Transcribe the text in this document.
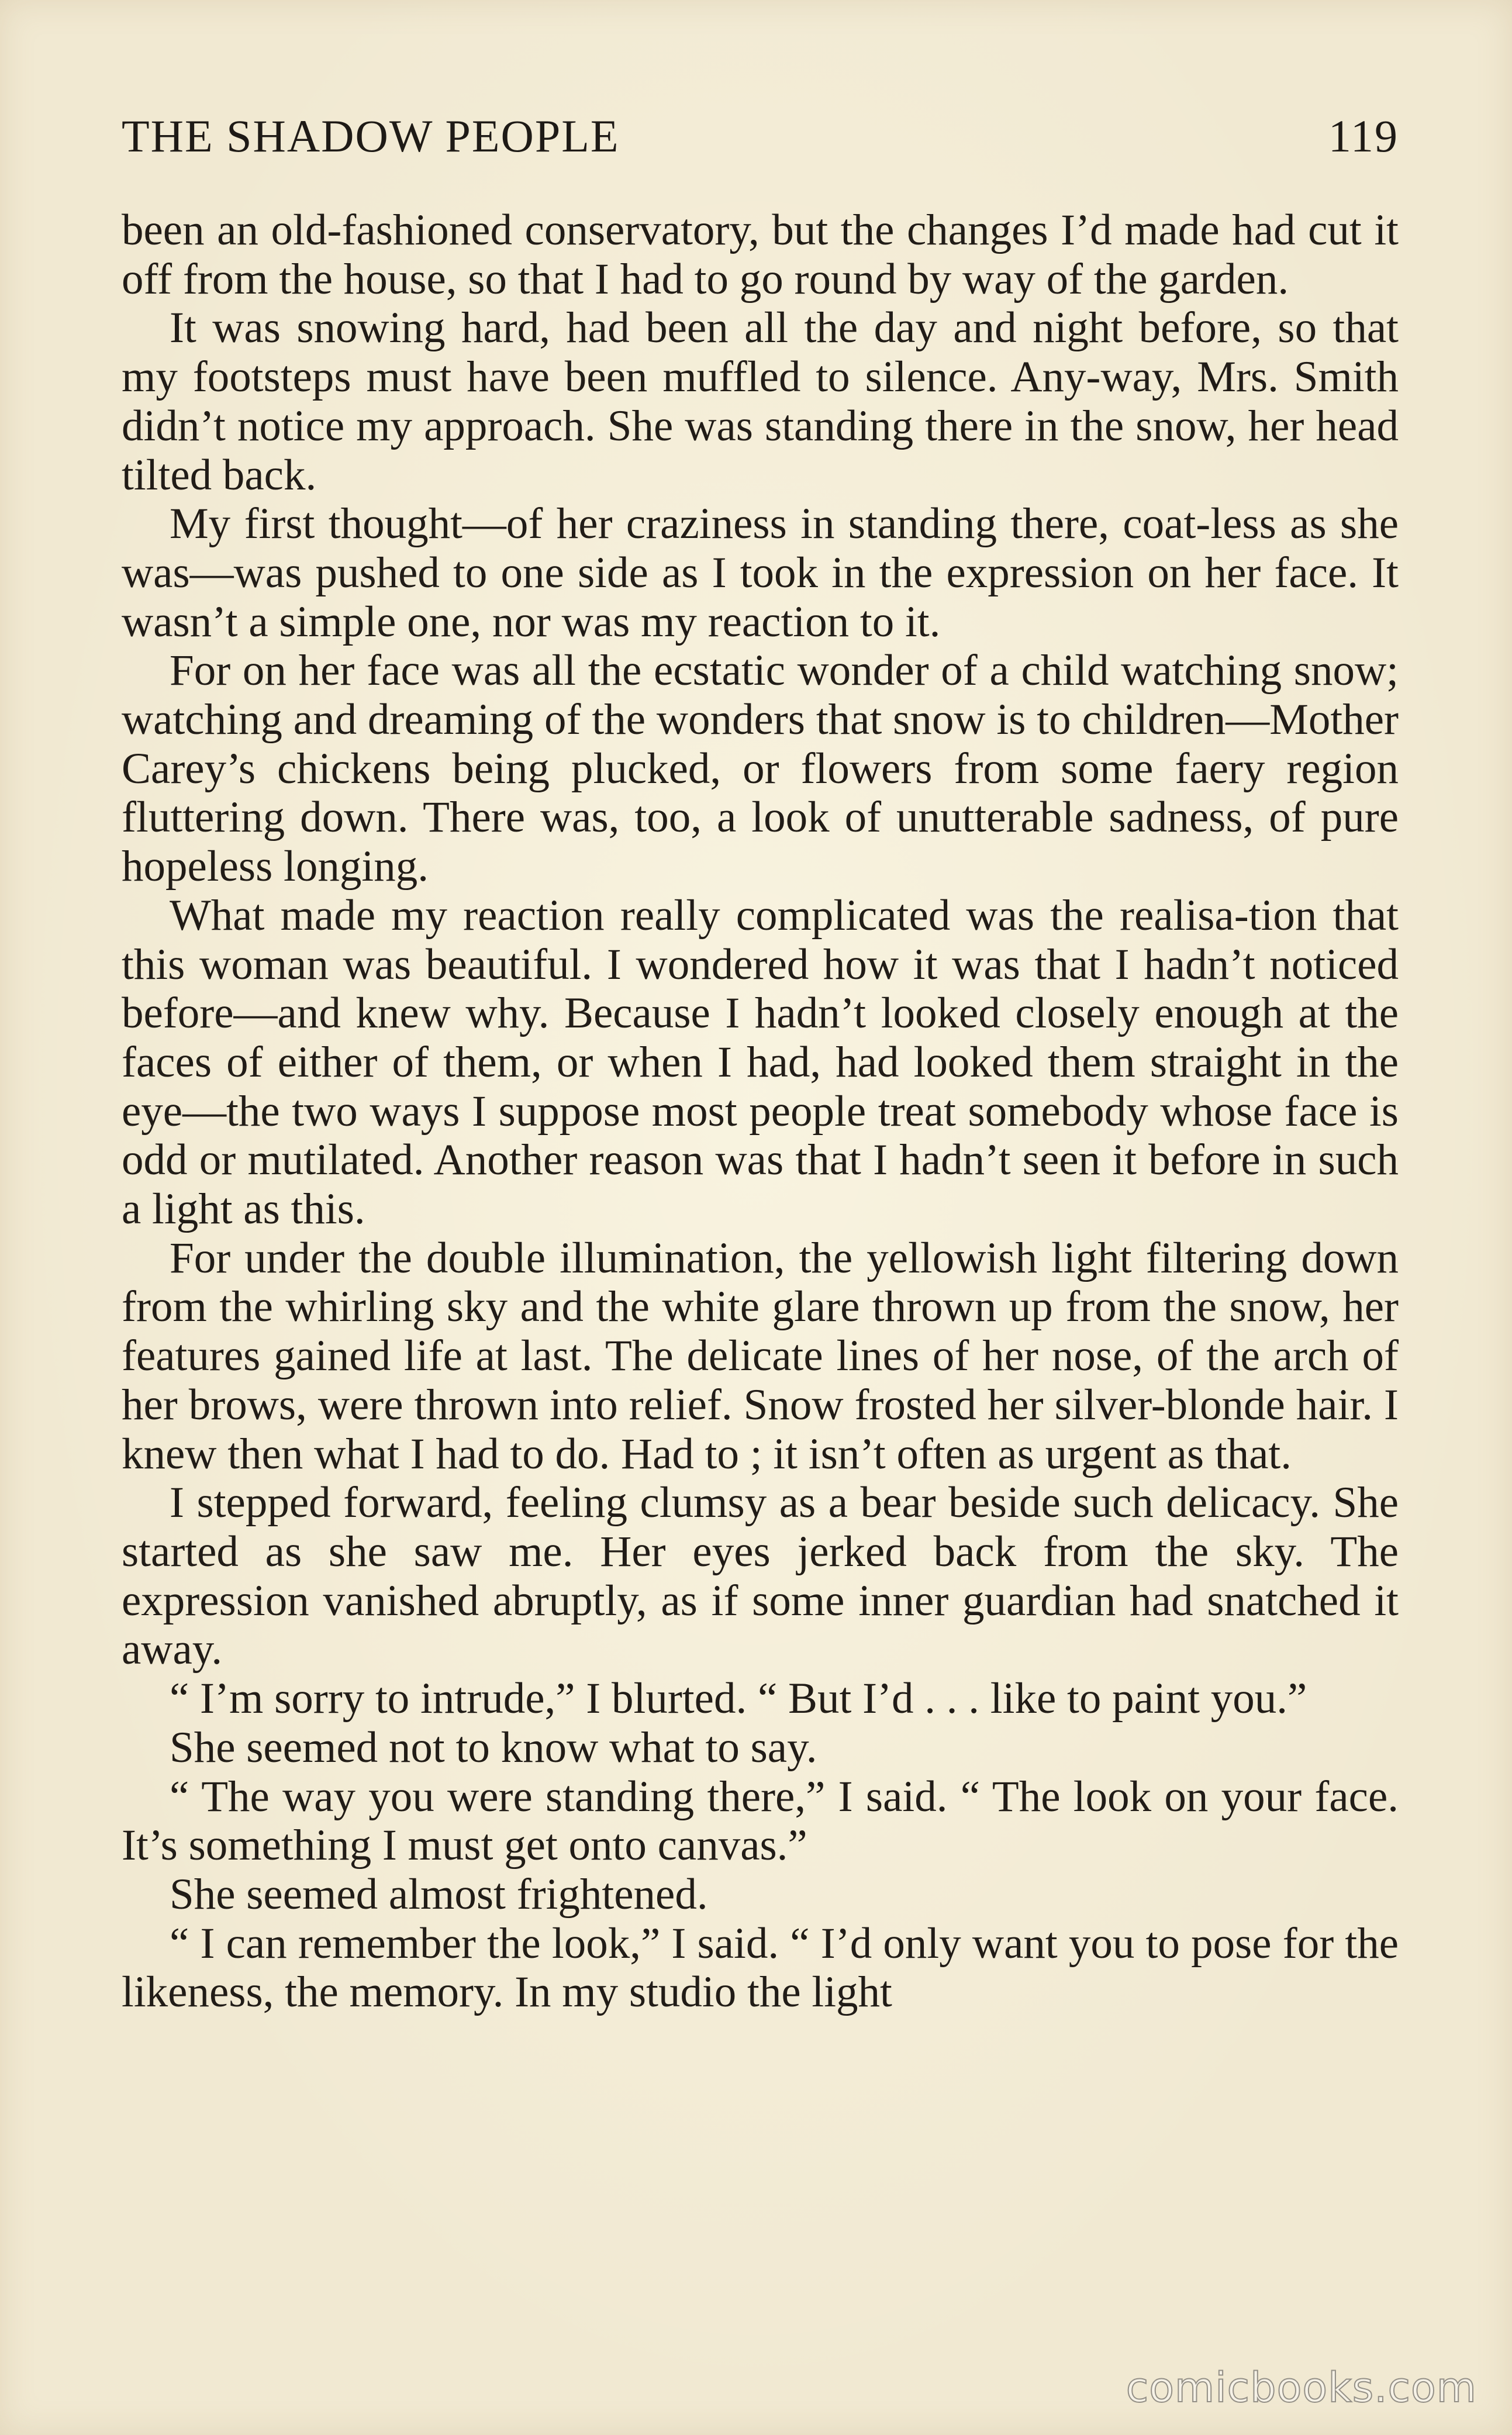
THE SHADOW PEOPLE	119

been an old-fashioned conservatory, but the changes I’d made had cut it off from the house, so that I had to go round by way of the garden.

It was snowing hard, had been all the day and night before, so that my footsteps must have been muffled to silence. Any-way, Mrs. Smith didn’t notice my approach. She was standing there in the snow, her head tilted back.

My first thought—of her craziness in standing there, coat-less as she was—was pushed to one side as I took in the expression on her face. It wasn’t a simple one, nor was my reaction to it.

For on her face was all the ecstatic wonder of a child watching snow; watching and dreaming of the wonders that snow is to children—Mother Carey’s chickens being plucked, or flowers from some faery region fluttering down. There was, too, a look of unutterable sadness, of pure hopeless longing.

What made my reaction really complicated was the realisa-tion that this woman was beautiful. I wondered how it was that I hadn’t noticed before—and knew why. Because I hadn’t looked closely enough at the faces of either of them, or when I had, had looked them straight in the eye—the two ways I suppose most people treat somebody whose face is odd or mutilated. Another reason was that I hadn’t seen it before in such a light as this.

For under the double illumination, the yellowish light filtering down from the whirling sky and the white glare thrown up from the snow, her features gained life at last. The delicate lines of her nose, of the arch of her brows, were thrown into relief. Snow frosted her silver-blonde hair. I knew then what I had to do. Had to ; it isn’t often as urgent as that.

I stepped forward, feeling clumsy as a bear beside such delicacy. She started as she saw me. Her eyes jerked back from the sky. The expression vanished abruptly, as if some inner guardian had snatched it away.

“ I’m sorry to intrude,” I blurted. “ But I’d . . . like to paint you.”

She seemed not to know what to say.

“ The way you were standing there,” I said. “ The look on your face. It’s something I must get onto canvas.”

She seemed almost frightened.

“ I can remember the look,” I said. “ I’d only want you to pose for the likeness, the memory. In my studio the light

comicbooks.com
